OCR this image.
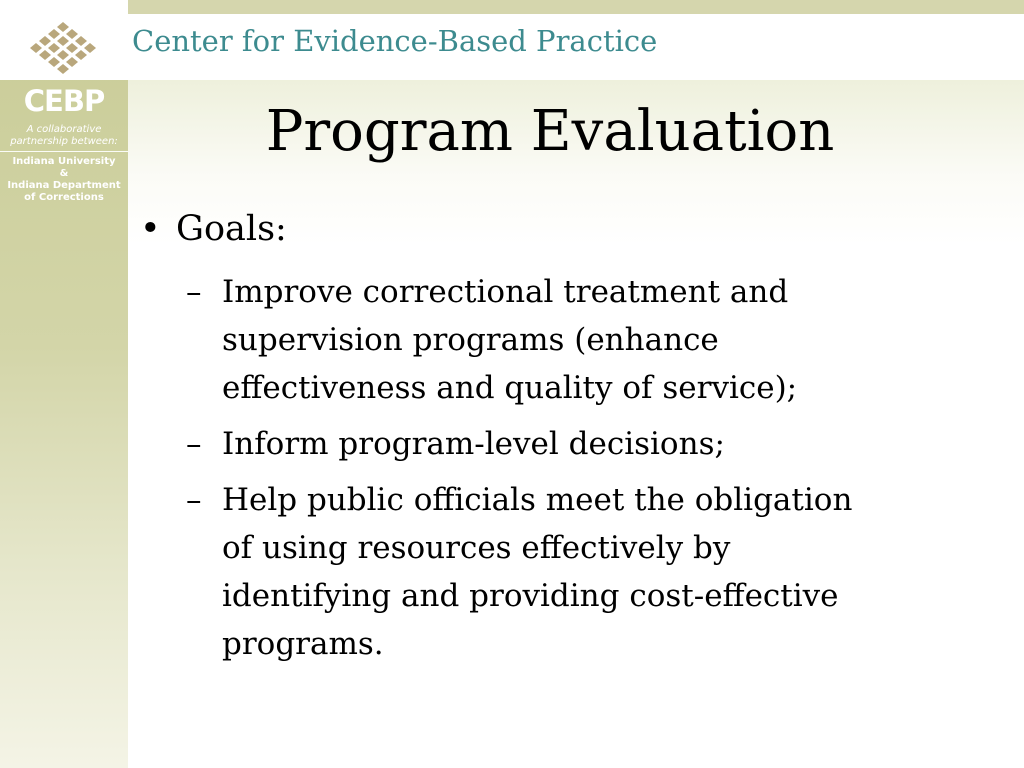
Center for Evidence-Based Practice
CEBP
A collaborative
partnership between:
Indiana University
&
Indiana Department
of Corrections
Program Evaluation
• Goals:
– Improve correctional treatment and
supervision programs (enhance
effectiveness and quality of service);
– Inform program-level decisions;
– Help public officials meet the obligation
of using resources effectively by
identifying and providing cost-effective
programs.
